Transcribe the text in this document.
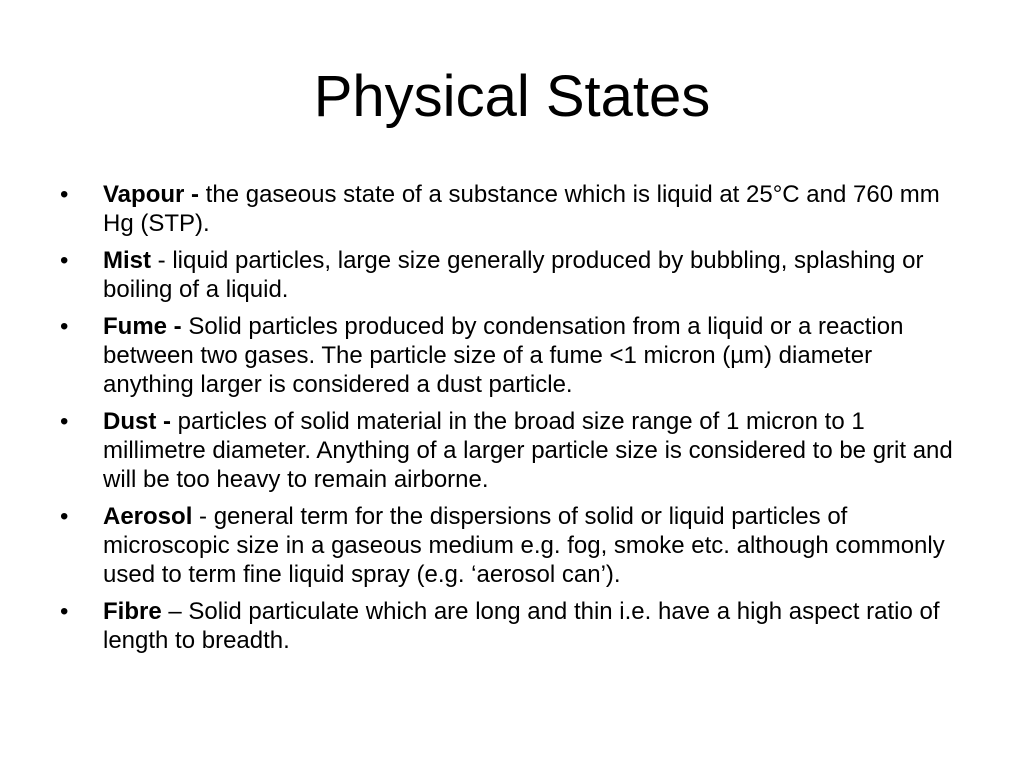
Physical States
•	Vapour - the gaseous state of a substance which is liquid at 25°C and 760 mm Hg (STP).
•	Mist - liquid particles, large size generally produced by bubbling, splashing or boiling of a liquid.
•	Fume - Solid particles produced by condensation from a liquid or a reaction between two gases. The particle size of a fume <1 micron (µm) diameter anything larger is considered a dust particle.
•	Dust - particles of solid material in the broad size range of 1 micron to 1 millimetre diameter. Anything of a larger particle size is considered to be grit and will be too heavy to remain airborne.
•	Aerosol - general term for the dispersions of solid or liquid particles of microscopic size in a gaseous medium e.g. fog, smoke etc. although commonly used to term fine liquid spray (e.g. ‘aerosol can’).
•	Fibre – Solid particulate which are long and thin i.e. have a high aspect ratio of length to breadth.
